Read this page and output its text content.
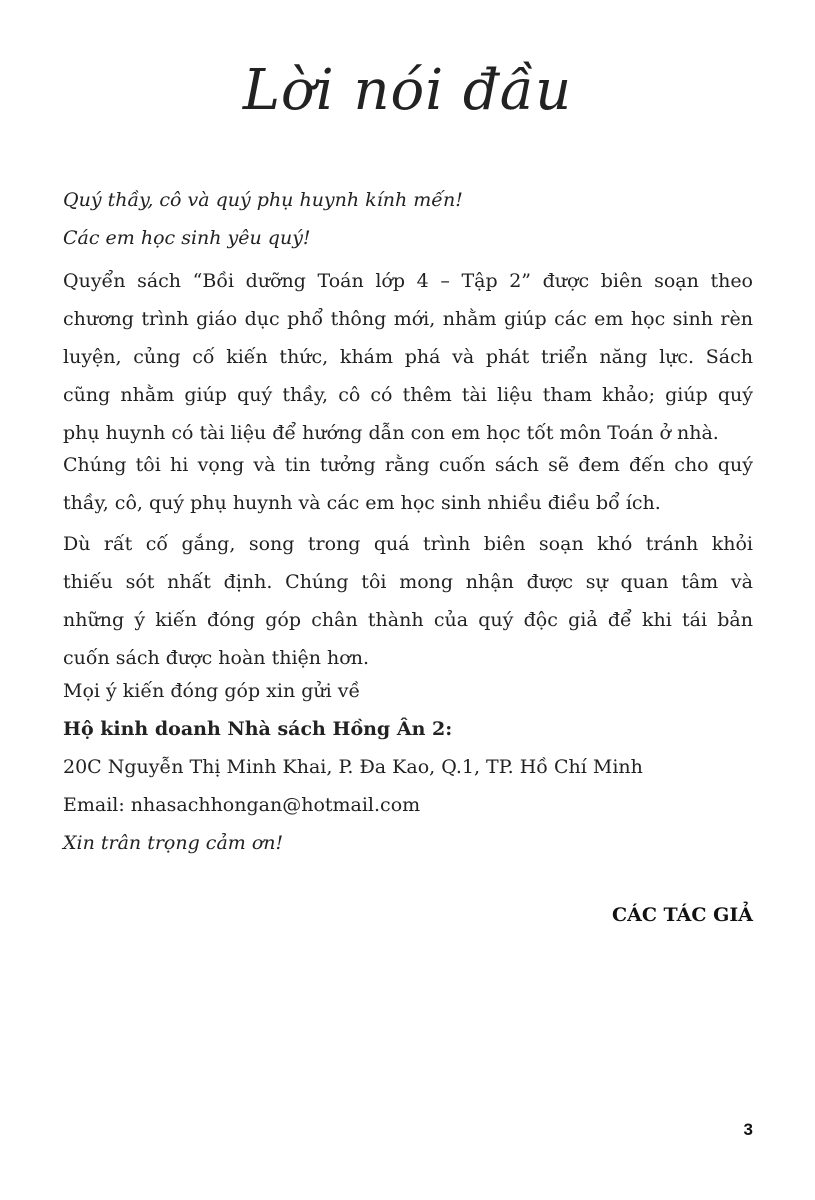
Lời nói đầu
Quý thầy, cô và quý phụ huynh kính mến!
Các em học sinh yêu quý!
Quyển sách “Bồi dưỡng Toán lớp 4 – Tập 2” được biên soạn theo
chương trình giáo dục phổ thông mới, nhằm giúp các em học sinh rèn
luyện, củng cố kiến thức, khám phá và phát triển năng lực. Sách
cũng nhằm giúp quý thầy, cô có thêm tài liệu tham khảo; giúp quý
phụ huynh có tài liệu để hướng dẫn con em học tốt môn Toán ở nhà.
Chúng tôi hi vọng và tin tưởng rằng cuốn sách sẽ đem đến cho quý
thầy, cô, quý phụ huynh và các em học sinh nhiều điều bổ ích.
Dù rất cố gắng, song trong quá trình biên soạn khó tránh khỏi
thiếu sót nhất định. Chúng tôi mong nhận được sự quan tâm và
những ý kiến đóng góp chân thành của quý độc giả để khi tái bản
cuốn sách được hoàn thiện hơn.
Mọi ý kiến đóng góp xin gửi về
Hộ kinh doanh Nhà sách Hồng Ân 2:
20C Nguyễn Thị Minh Khai, P. Đa Kao, Q.1, TP. Hồ Chí Minh
Email: nhasachhongan@hotmail.com
Xin trân trọng cảm ơn!
CÁC TÁC GIẢ
3
